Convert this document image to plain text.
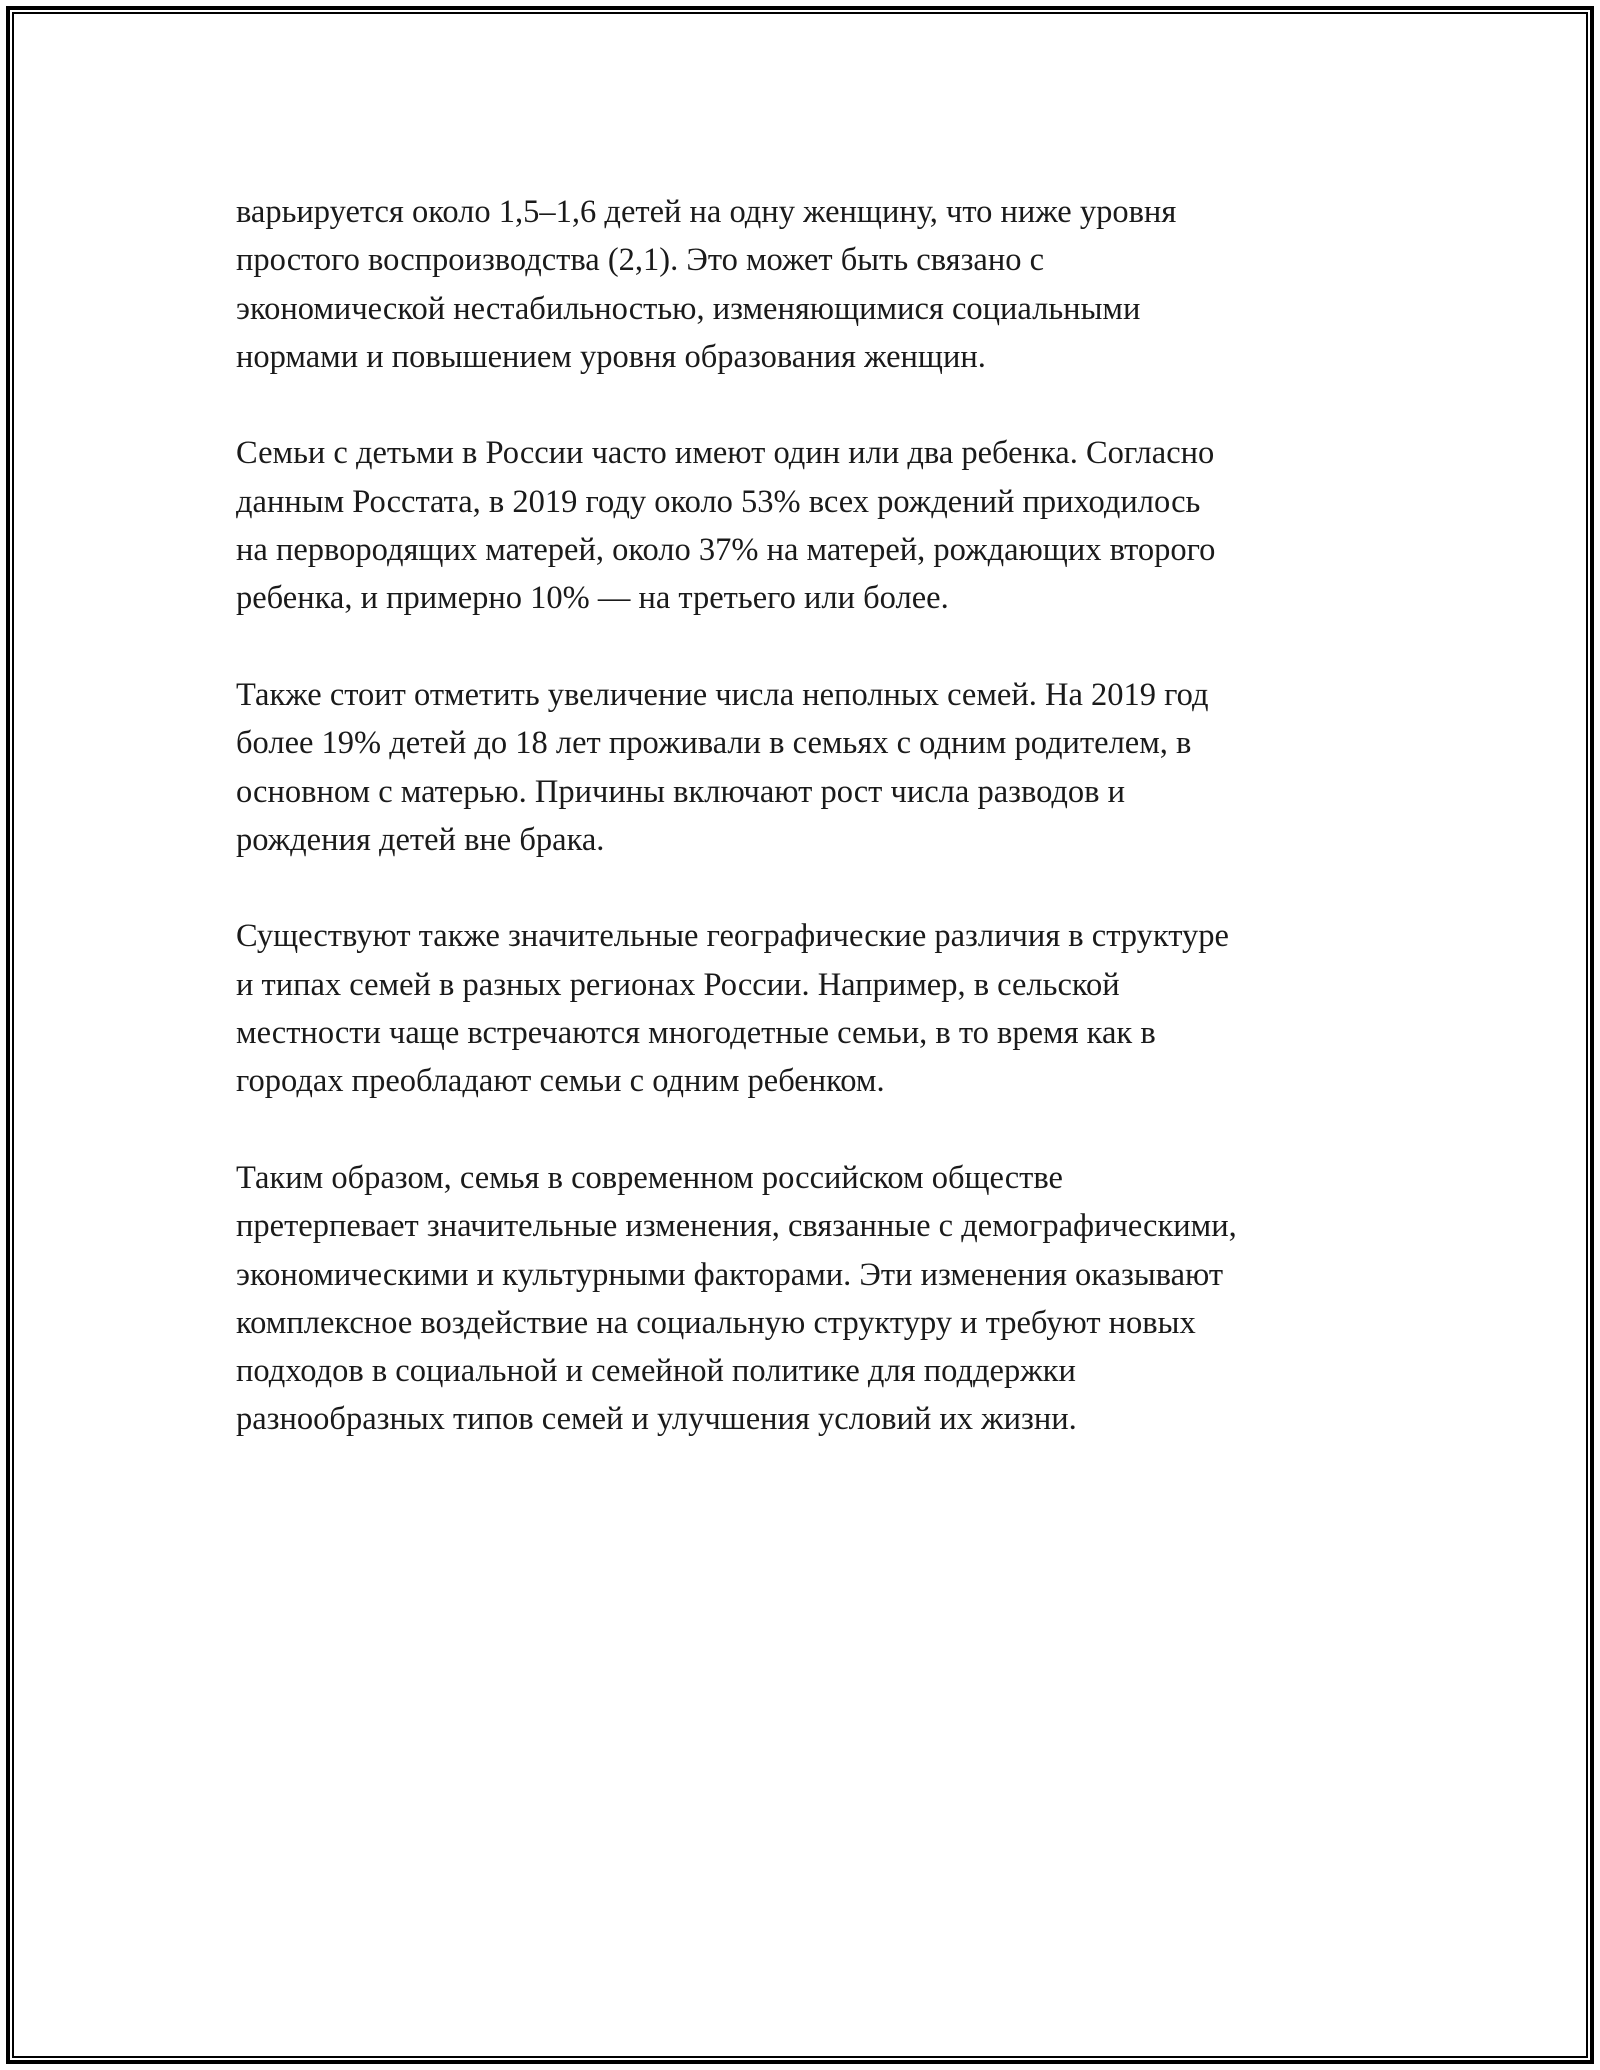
варьируется около 1,5–1,6 детей на одну женщину, что ниже уровня
простого воспроизводства (2,1). Это может быть связано с
экономической нестабильностью, изменяющимися социальными
нормами и повышением уровня образования женщин.

Семьи с детьми в России часто имеют один или два ребенка. Согласно
данным Росстата, в 2019 году около 53% всех рождений приходилось
на первородящих матерей, около 37% на матерей, рождающих второго
ребенка, и примерно 10% — на третьего или более.

Также стоит отметить увеличение числа неполных семей. На 2019 год
более 19% детей до 18 лет проживали в семьях с одним родителем, в
основном с матерью. Причины включают рост числа разводов и
рождения детей вне брака.

Существуют также значительные географические различия в структуре
и типах семей в разных регионах России. Например, в сельской
местности чаще встречаются многодетные семьи, в то время как в
городах преобладают семьи с одним ребенком.

Таким образом, семья в современном российском обществе
претерпевает значительные изменения, связанные с демографическими,
экономическими и культурными факторами. Эти изменения оказывают
комплексное воздействие на социальную структуру и требуют новых
подходов в социальной и семейной политике для поддержки
разнообразных типов семей и улучшения условий их жизни.
